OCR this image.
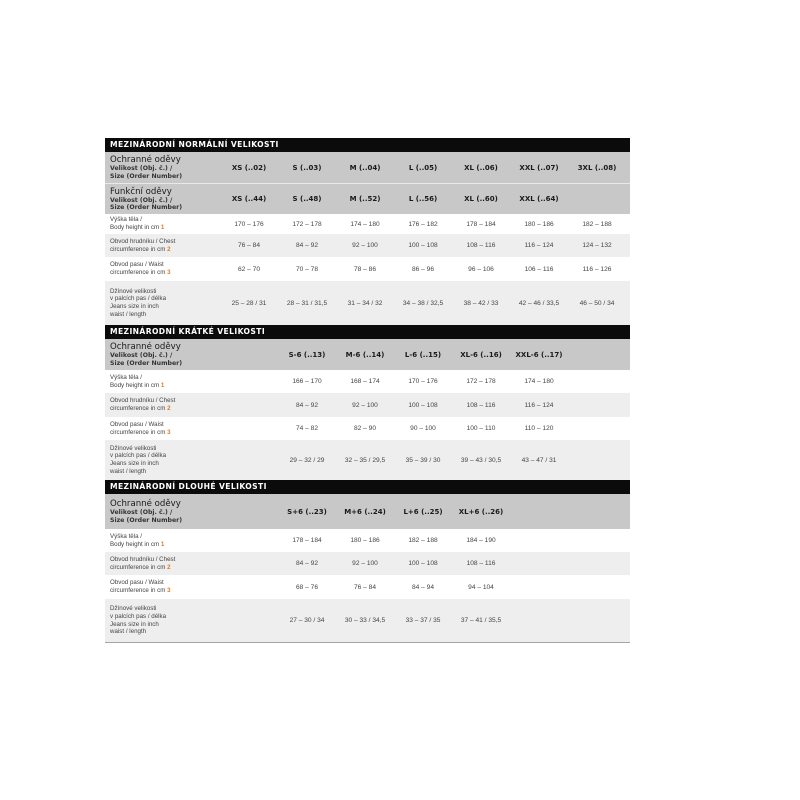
MEZINÁRODNÍ NORMÁLNÍ VELIKOSTI
Ochranné oděvy
Velikost (Obj. č.) /
Size (Order Number)
XS (..02)	S (..03)	M (..04)	L (..05)	XL (..06)	XXL (..07)	3XL (..08)
Funkční oděvy
Velikost (Obj. č.) /
Size (Order Number)
XS (..44)	S (..48)	M (..52)	L (..56)	XL (..60)	XXL (..64)
Výška těla /
Body height in cm 1	170 – 176	172 – 178	174 – 180	176 – 182	178 – 184	180 – 186	182 – 188
Obvod hrudníku / Chest
circumference in cm 2	76 – 84	84 – 92	92 – 100	100 – 108	108 – 116	116 – 124	124 – 132
Obvod pasu / Waist
circumference in cm 3	62 – 70	70 – 78	78 – 86	86 – 96	96 – 106	106 – 116	116 – 126
Džínové velikosti
v palcích pas / délka
Jeans size in inch
waist / length
25 – 28 / 31	28 – 31 / 31,5	31 – 34 / 32	34 – 38 / 32,5	38 – 42 / 33	42 – 46 / 33,5	46 – 50 / 34
MEZINÁRODNÍ KRÁTKÉ VELIKOSTI
Ochranné oděvy
Velikost (Obj. č.) /
Size (Order Number)
S-6 (..13)	M-6 (..14)	L-6 (..15)	XL-6 (..16)	XXL-6 (..17)
Výška těla /
Body height in cm 1	166 – 170	168 – 174	170 – 176	172 – 178	174 – 180
Obvod hrudníku / Chest
circumference in cm 2	84 – 92	92 – 100	100 – 108	108 – 116	116 – 124
Obvod pasu / Waist
circumference in cm 3	74 – 82	82 – 90	90 – 100	100 – 110	110 – 120
Džínové velikosti
v palcích pas / délka
Jeans size in inch
waist / length
29 – 32 / 29	32 – 35 / 29,5	35 – 39 / 30	39 – 43 / 30,5	43 – 47 / 31
MEZINÁRODNÍ DLOUHÉ VELIKOSTI
Ochranné oděvy
Velikost (Obj. č.) /
Size (Order Number)
S+6 (..23)	M+6 (..24)	L+6 (..25)	XL+6 (..26)
Výška těla /
Body height in cm 1	178 – 184	180 – 186	182 – 188	184 – 190
Obvod hrudníku / Chest
circumference in cm 2	84 – 92	92 – 100	100 – 108	108 – 116
Obvod pasu / Waist
circumference in cm 3	68 – 76	76 – 84	84 – 94	94 – 104
Džínové velikosti
v palcích pas / délka
Jeans size in inch
waist / length
27 – 30 / 34	30 – 33 / 34,5	33 – 37 / 35	37 – 41 / 35,5
